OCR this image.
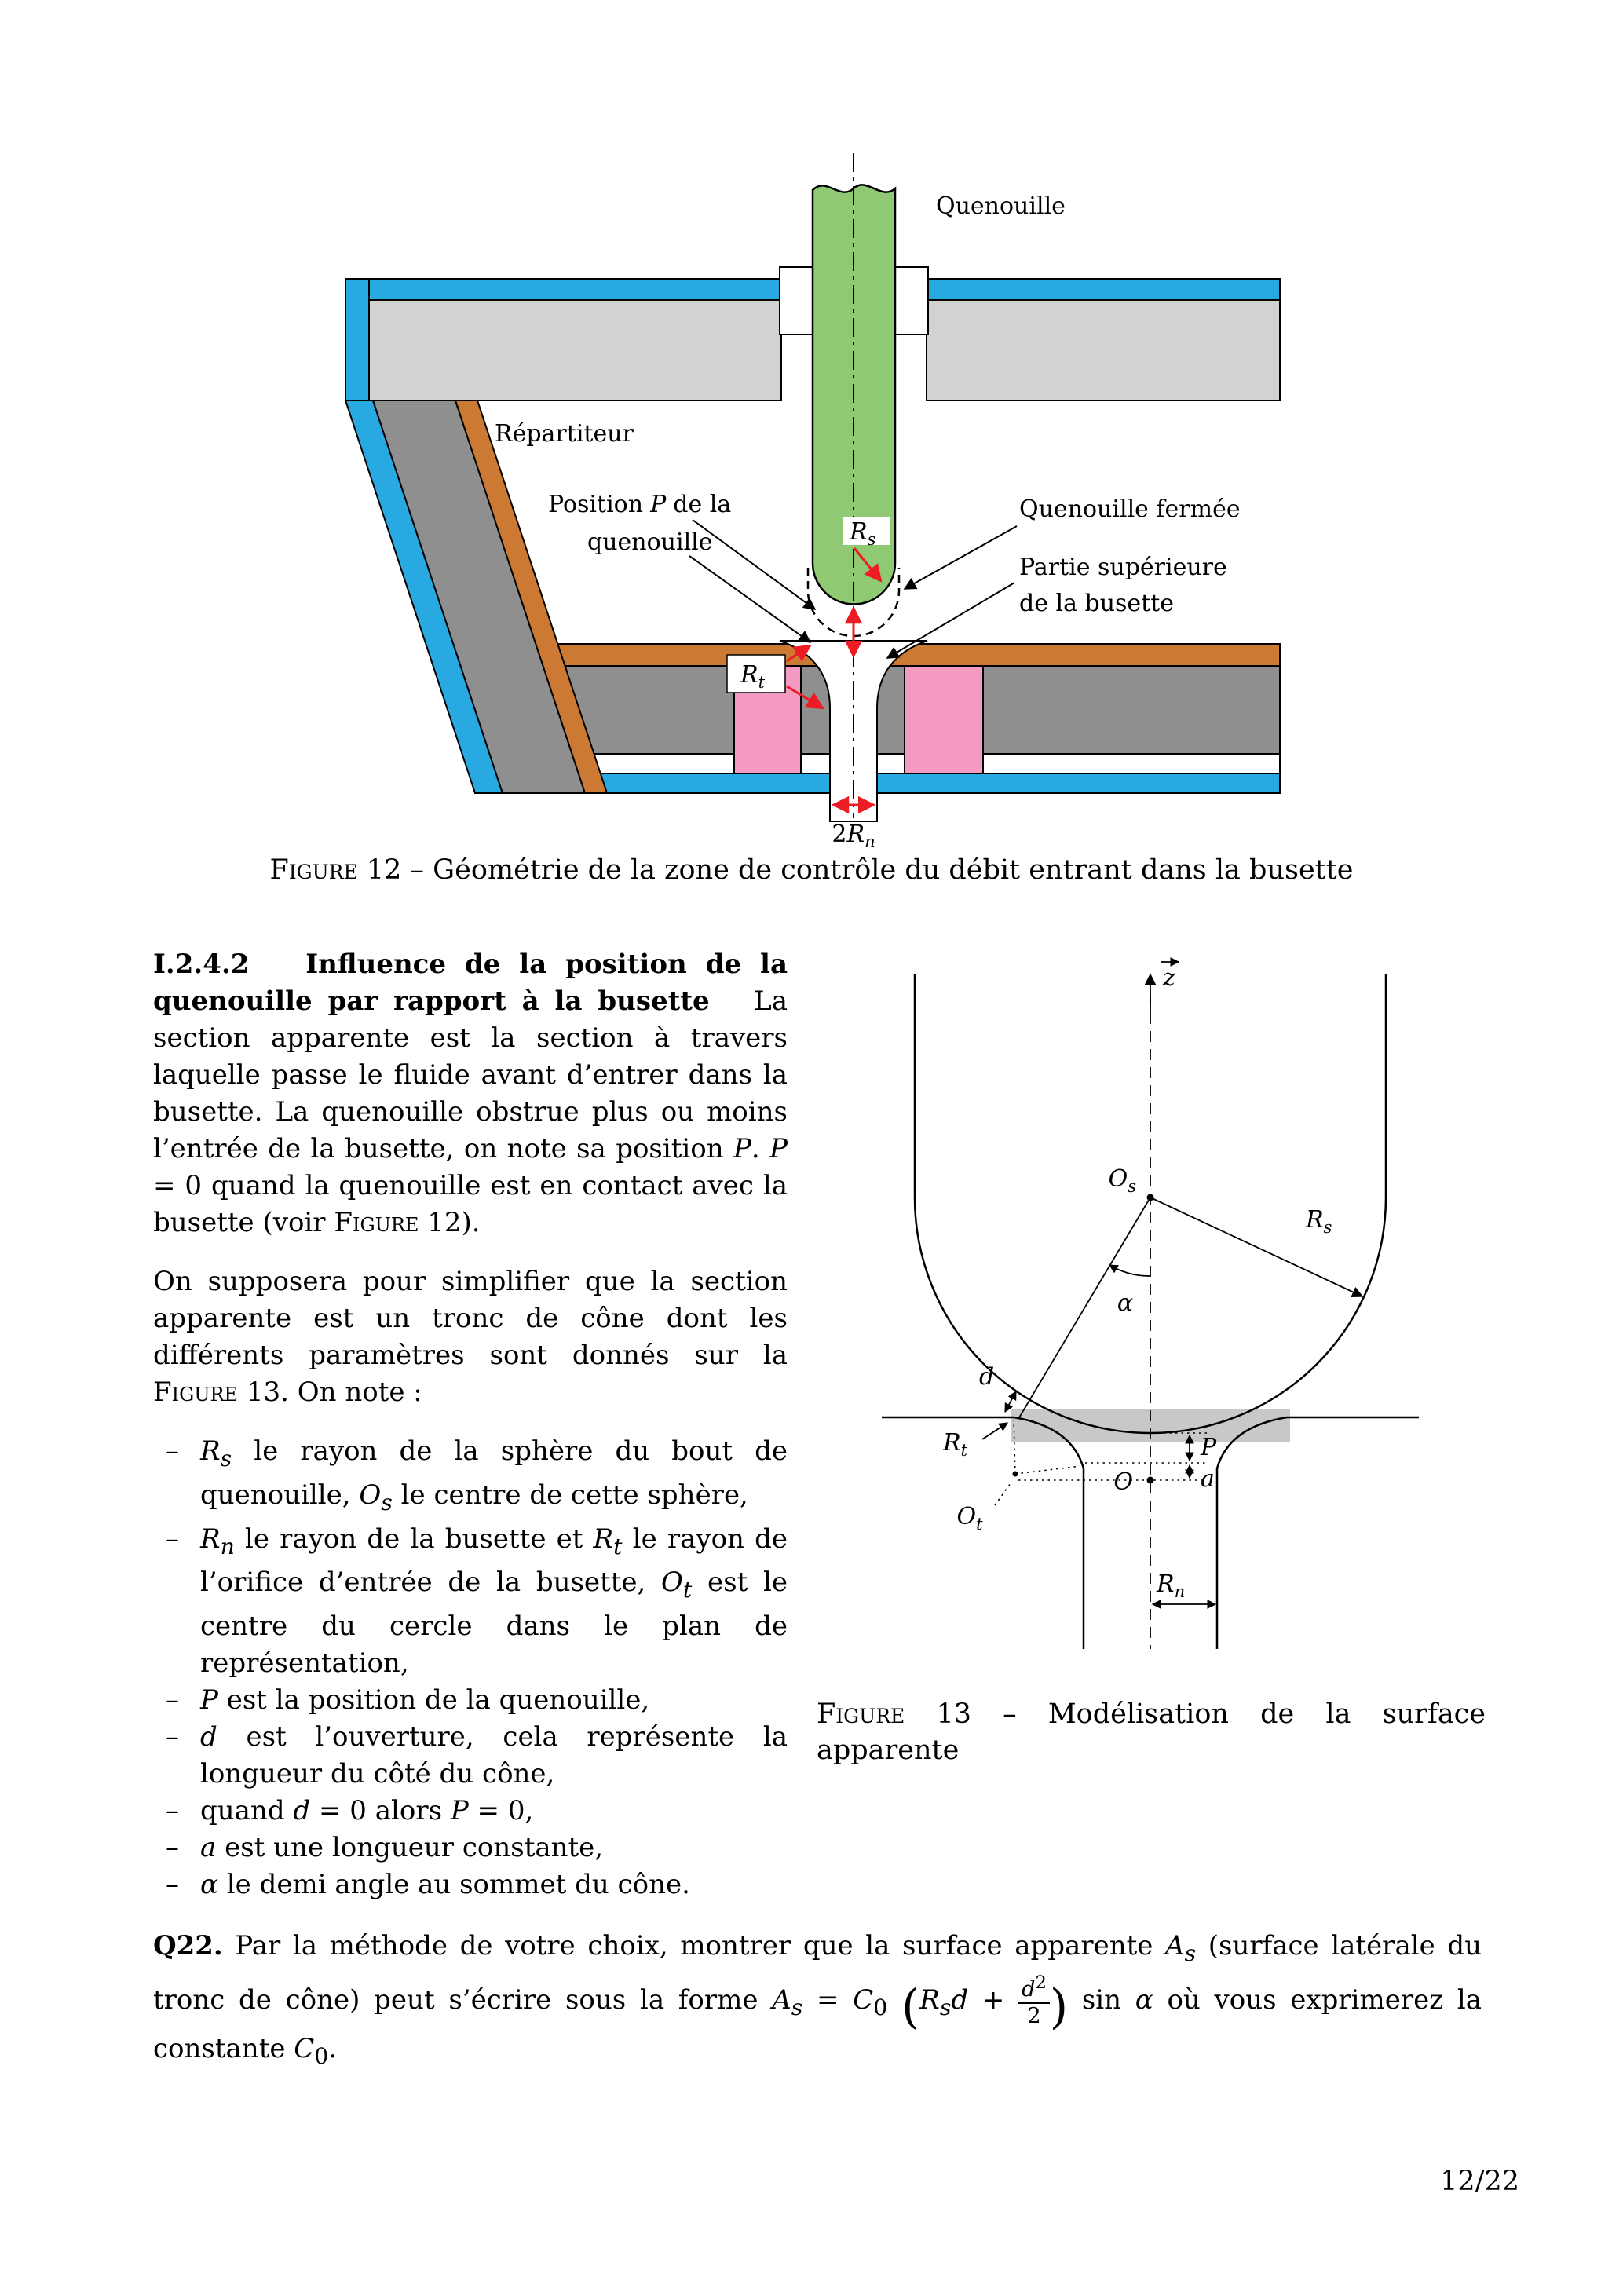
$R_s$
$R_t$
$2R_n$
Quenouille
Répartiteur
Position P de la
quenouille
Quenouille fermée
Partie supérieure
de la busette
Figure 12 – Géométrie de la zone de contrôle du débit entrant dans la busette

I.2.4.2   Influence de la position de la quenouille par rapport à la busette   La section apparente est la section à travers laquelle passe le fluide avant d’entrer dans la busette. La quenouille obstrue plus ou moins l’entrée de la busette, on note sa position P. P = 0 quand la quenouille est en contact avec la busette (voir Figure 12).

On supposera pour simplifier que la section apparente est un tronc de cône dont les différents paramètres sont donnés sur la Figure 13. On note :

– $R_s$ le rayon de la sphère du bout de quenouille, $O_s$ le centre de cette sphère,
– $R_n$ le rayon de la busette et $R_t$ le rayon de l’orifice d’entrée de la busette, $O_t$ est le centre du cercle dans le plan de représentation,
– P est la position de la quenouille,
– d est l’ouverture, cela représente la longueur du côté du cône,
– quand d = 0 alors P = 0,
– a est une longueur constante,
– α le demi angle au sommet du cône.
z
$O_s$
$R_s$
α
P
a
O
$O_t$
$R_t$
d
$R_n$
Figure 13 – Modélisation de la surface apparente

Q22. Par la méthode de votre choix, montrer que la surface apparente $A_s$ (surface latérale du tronc de cône) peut s’écrire sous la forme $A_s = C_0$ ($R_sd + \frac{d^2}{2}$ ) sin α où vous exprimerez la constante $C_0$.

12/22
